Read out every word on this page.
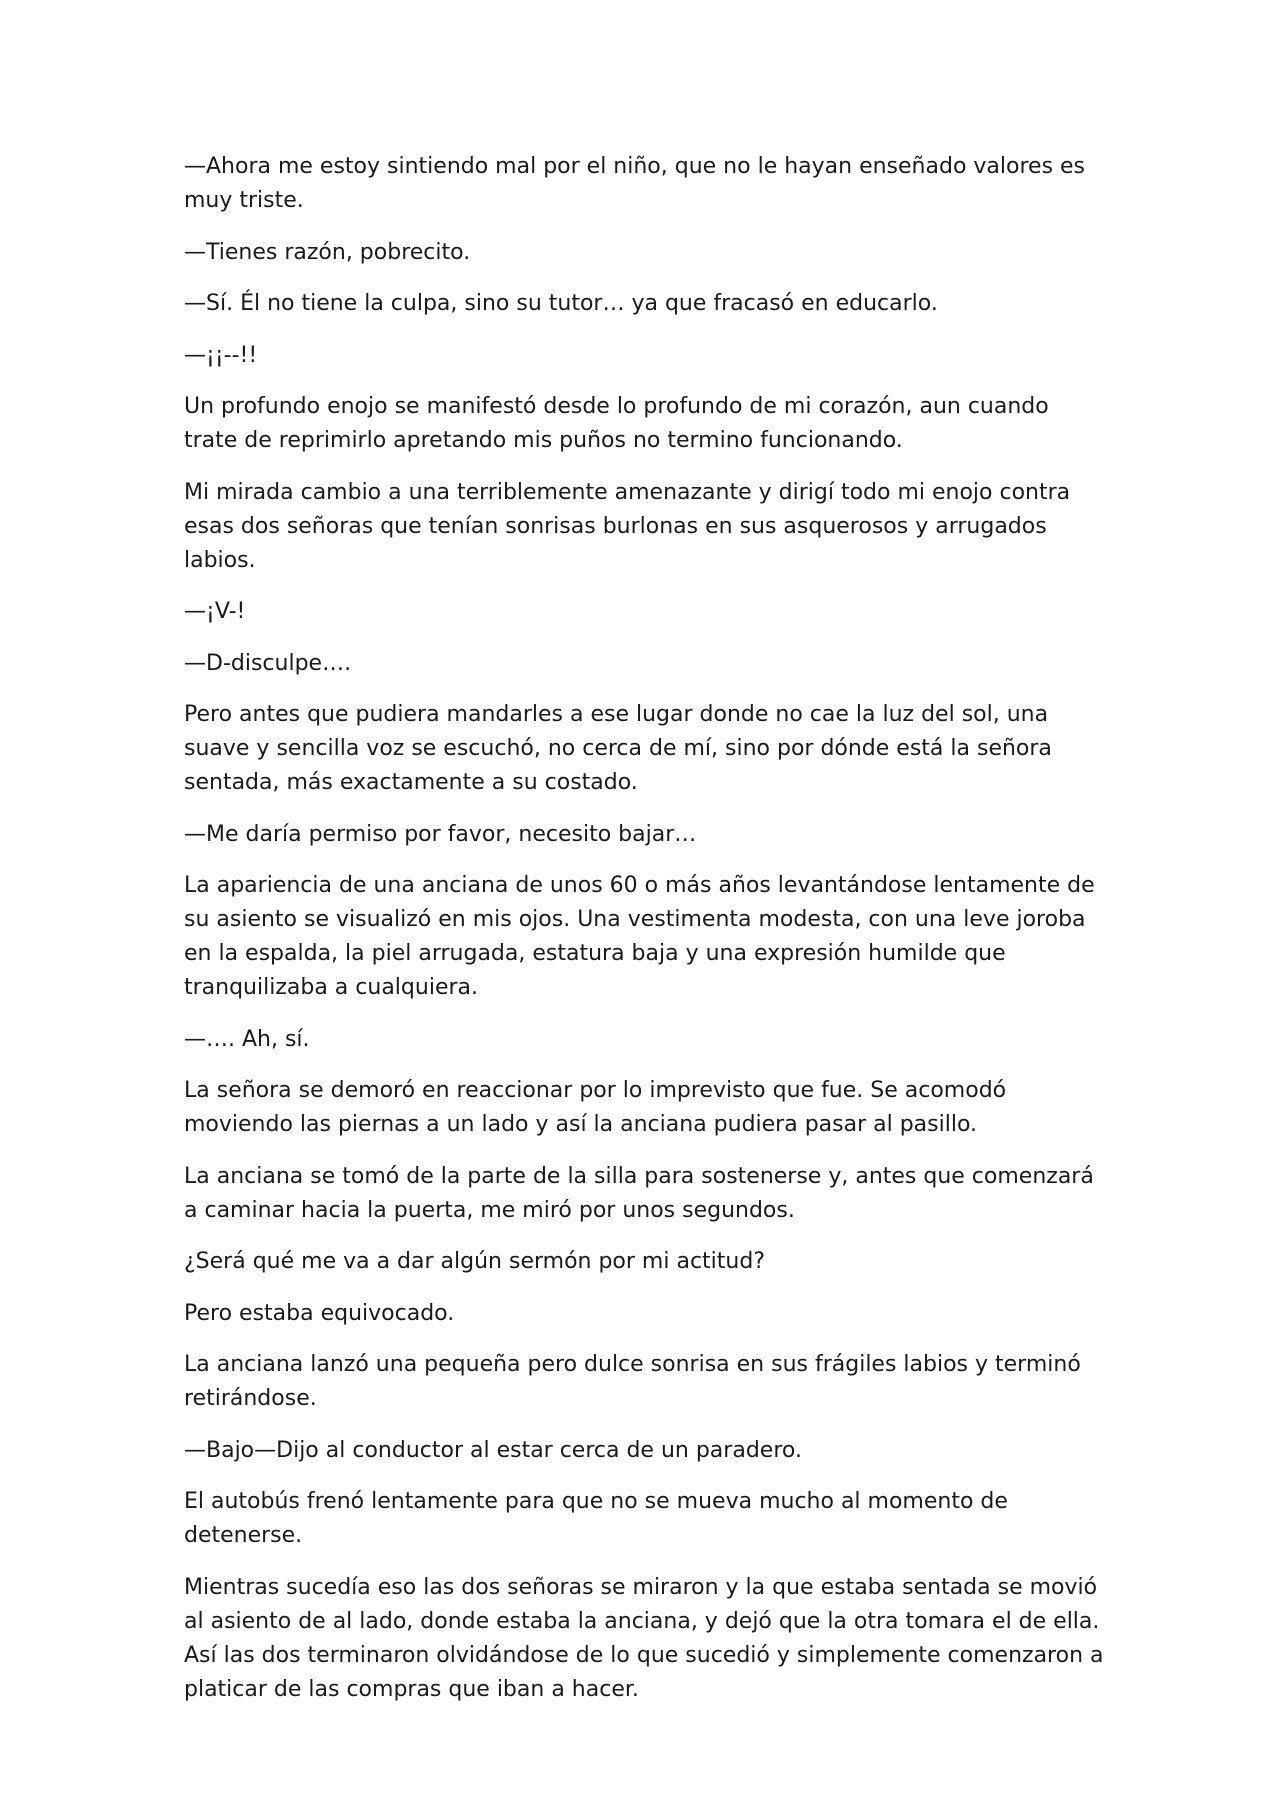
—Ahora me estoy sintiendo mal por el niño, que no le hayan enseñado valores es muy triste.

—Tienes razón, pobrecito.

—Sí. Él no tiene la culpa, sino su tutor… ya que fracasó en educarlo.

—¡¡--!!

Un profundo enojo se manifestó desde lo profundo de mi corazón, aun cuando trate de reprimirlo apretando mis puños no termino funcionando.

Mi mirada cambio a una terriblemente amenazante y dirigí todo mi enojo contra esas dos señoras que tenían sonrisas burlonas en sus asquerosos y arrugados labios.

—¡V-!

—D-disculpe….

Pero antes que pudiera mandarles a ese lugar donde no cae la luz del sol, una suave y sencilla voz se escuchó, no cerca de mí, sino por dónde está la señora sentada, más exactamente a su costado.

—Me daría permiso por favor, necesito bajar…

La apariencia de una anciana de unos 60 o más años levantándose lentamente de su asiento se visualizó en mis ojos. Una vestimenta modesta, con una leve joroba en la espalda, la piel arrugada, estatura baja y una expresión humilde que tranquilizaba a cualquiera.

—…. Ah, sí.

La señora se demoró en reaccionar por lo imprevisto que fue. Se acomodó moviendo las piernas a un lado y así la anciana pudiera pasar al pasillo.

La anciana se tomó de la parte de la silla para sostenerse y, antes que comenzará a caminar hacia la puerta, me miró por unos segundos.

¿Será qué me va a dar algún sermón por mi actitud?

Pero estaba equivocado.

La anciana lanzó una pequeña pero dulce sonrisa en sus frágiles labios y terminó retirándose.

—Bajo—Dijo al conductor al estar cerca de un paradero.

El autobús frenó lentamente para que no se mueva mucho al momento de detenerse.

Mientras sucedía eso las dos señoras se miraron y la que estaba sentada se movió al asiento de al lado, donde estaba la anciana, y dejó que la otra tomara el de ella. Así las dos terminaron olvidándose de lo que sucedió y simplemente comenzaron a platicar de las compras que iban a hacer.
